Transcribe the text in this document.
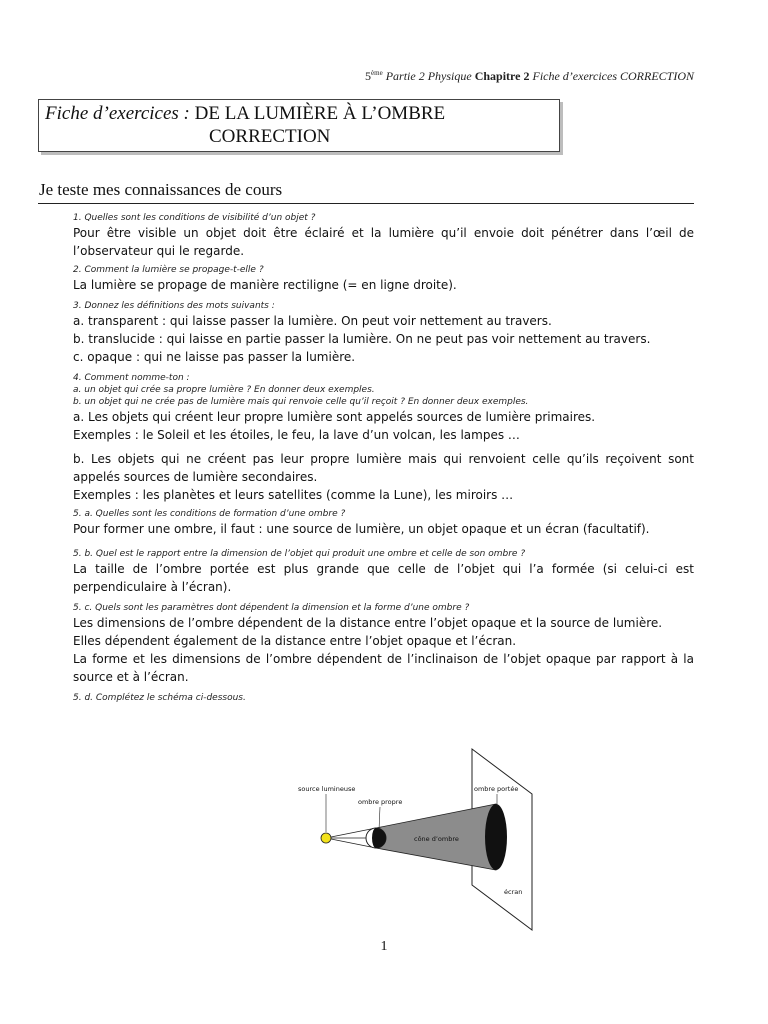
5ème Partie 2 Physique Chapitre 2 Fiche d’exercices CORRECTION
Fiche d’exercices : DE LA LUMIÈRE À L’OMBRE
CORRECTION
Je teste mes connaissances de cours

1. Quelles sont les conditions de visibilité d’un objet ?

Pour être visible un objet doit être éclairé et la lumière qu’il envoie doit pénétrer dans l’œil de l’observateur qui le regarde.

2. Comment la lumière se propage-t-elle ?

La lumière se propage de manière rectiligne (= en ligne droite).

3. Donnez les définitions des mots suivants :

a. transparent : qui laisse passer la lumière. On peut voir nettement au travers.

b. translucide : qui laisse en partie passer la lumière. On ne peut pas voir nettement au travers.

c. opaque : qui ne laisse pas passer la lumière.

4. Comment nomme-ton :

a. un objet qui crée sa propre lumière ? En donner deux exemples.

b. un objet qui ne crée pas de lumière mais qui renvoie celle qu’il reçoit ? En donner deux exemples.

a. Les objets qui créent leur propre lumière sont appelés sources de lumière primaires.

Exemples : le Soleil et les étoiles, le feu, la lave d’un volcan, les lampes …

b. Les objets qui ne créent pas leur propre lumière mais qui renvoient celle qu’ils reçoivent sont appelés sources de lumière secondaires.

Exemples : les planètes et leurs satellites (comme la Lune), les miroirs …

5. a. Quelles sont les conditions de formation d’une ombre ?

Pour former une ombre, il faut : une source de lumière, un objet opaque et un écran (facultatif).

5. b. Quel est le rapport entre la dimension de l’objet qui produit une ombre et celle de son ombre ?

La taille de l’ombre portée est plus grande que celle de l’objet qui l’a formée (si celui-ci est perpendiculaire à l’écran).

5. c. Quels sont les paramètres dont dépendent la dimension et la forme d’une ombre ?

Les dimensions de l’ombre dépendent de la distance entre l’objet opaque et la source de lumière.

Elles dépendent également de la distance entre l’objet opaque et l’écran.

La forme et les dimensions de l’ombre dépendent de l’inclinaison de l’objet opaque par rapport à la source et à l’écran.

5. d. Complétez le schéma ci-dessous.

source lumineuse
ombre propre
ombre portée
cône d’ombre
écran
1
